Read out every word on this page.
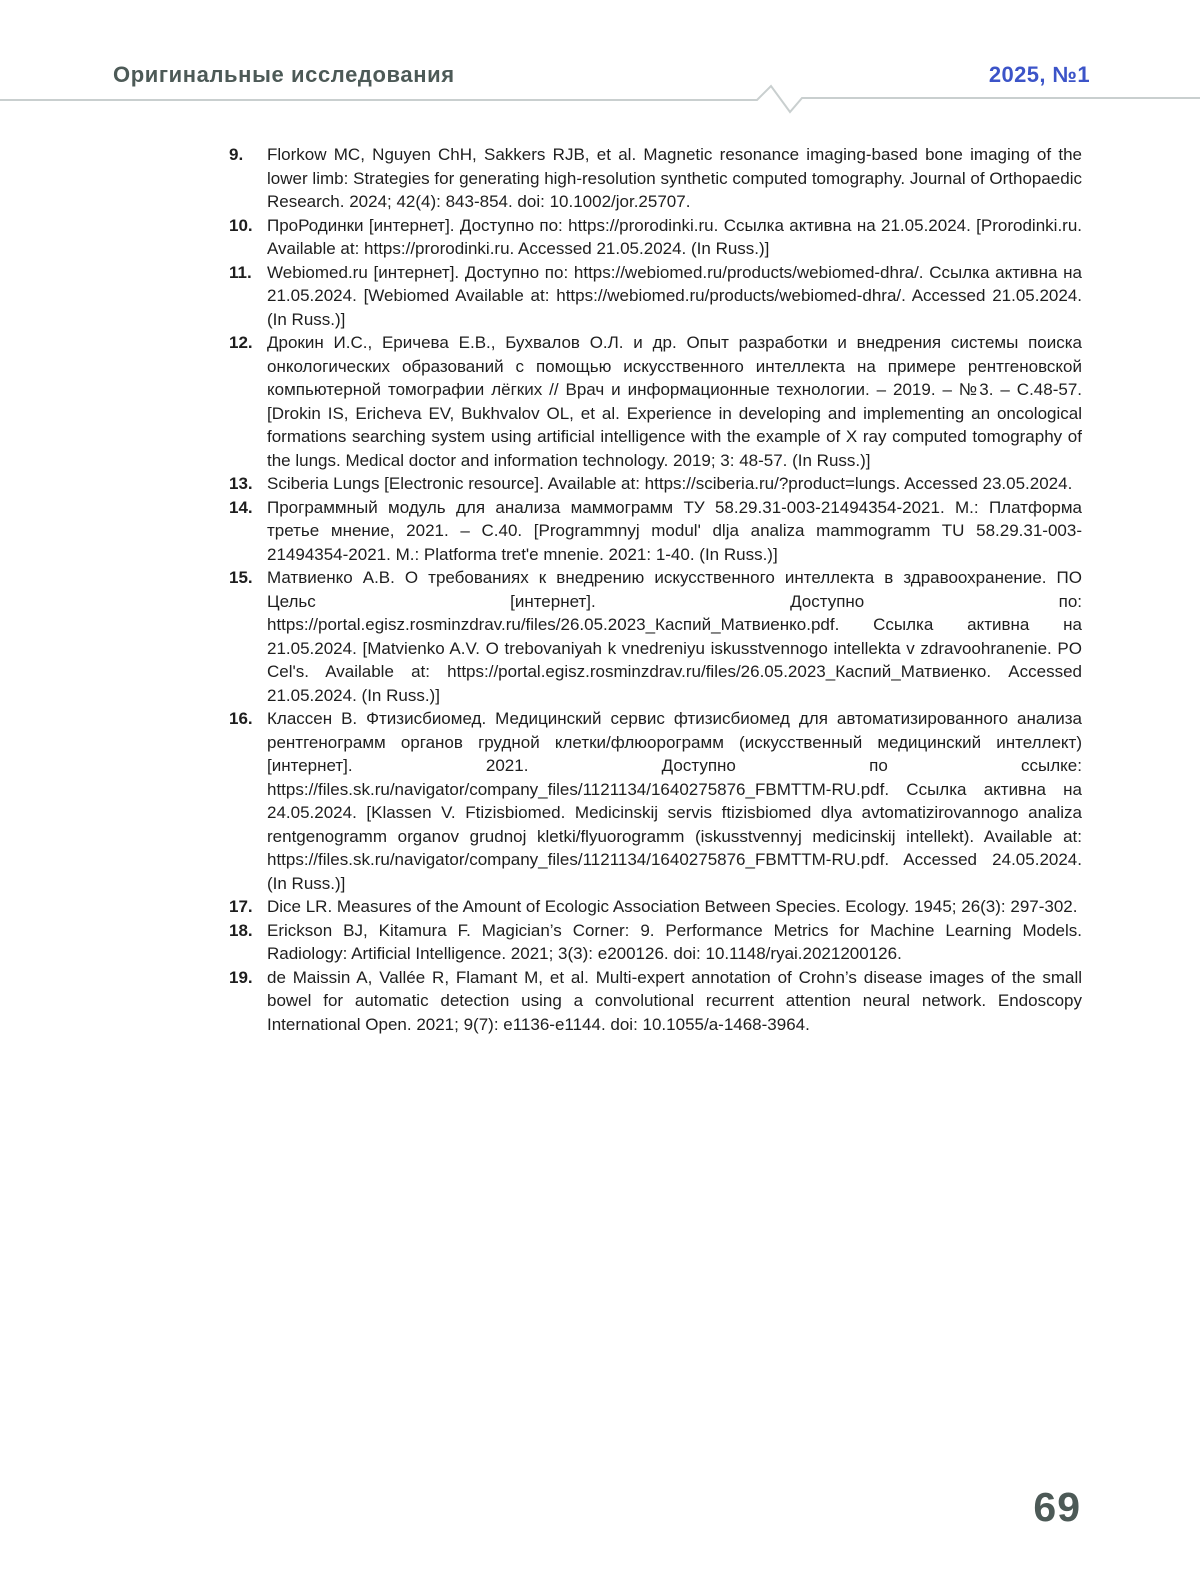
Оригинальные исследования	2025, №1
9.	Florkow MC, Nguyen ChH, Sakkers RJB, et al. Magnetic resonance imaging-based bone imaging of the lower limb: Strategies for generating high-resolution synthetic computed tomography. Journal of Orthopaedic Research. 2024; 42(4): 843-854. doi: 10.1002/jor.25707.

10. ПроРодинки [интернет]. Доступно по: https://prorodinki.ru. Ссылка активна на 21.05.2024. [Prorodinki.ru. Available at: https://prorodinki.ru. Accessed 21.05.2024. (In Russ.)]

11. Webiomed.ru [интернет]. Доступно по: https://webiomed.ru/products/webiomed-dhra/. Ссылка активна на 21.05.2024. [Webiomed Available at: https://webiomed.ru/products/webiomed-dhra/. Accessed 21.05.2024. (In Russ.)]

12. Дрокин И.С., Еричева Е.В., Бухвалов О.Л. и др. Опыт разработки и внедрения системы поиска онкологических образований с помощью искусственного интеллекта на примере рентгеновской компьютерной томографии лёгких // Врач и информационные технологии. – 2019. – №3. – С.48-57. [Drokin IS, Ericheva EV, Bukhvalov OL, et al. Experience in developing and implementing an oncological formations searching system using artificial intelligence with the example of X ray computed tomography of the lungs. Medical doctor and information technology. 2019; 3: 48-57. (In Russ.)]

13. Sciberia Lungs [Electronic resource]. Available at: https://sciberia.ru/?product=lungs. Accessed 23.05.2024.

14. Программный модуль для анализа маммограмм ТУ 58.29.31-003-21494354-2021. М.: Платформа третье мнение, 2021. – С.40. [Programmnyj modul' dlja analiza mammogramm TU 58.29.31-003-21494354-2021. M.: Platforma tret'e mnenie. 2021: 1-40. (In Russ.)]

15. Матвиенко А.В. О требованиях к внедрению искусственного интеллекта в здравоохранение. ПО Цельс [интернет]. Доступно по: https://portal.egisz.rosminzdrav.ru/files/26.05.2023_Каспий_Матвиенко.pdf. Ссылка активна на 21.05.2024. [Matvienko A.V. O trebovaniyah k vnedreniyu iskusstvennogo intellekta v zdravoohranenie. PO Cel's. Available at: https://portal.egisz.rosminzdrav.ru/files/26.05.2023_Каспий_Матвиенко. Accessed 21.05.2024. (In Russ.)]

16. Классен В. Фтизисбиомед. Медицинский сервис фтизисбиомед для автоматизированного анализа рентгенограмм органов грудной клетки/флюорограмм (искусственный медицинский интеллект) [интернет]. 2021. Доступно по ссылке: https://files.sk.ru/navigator/company_files/1121134/1640275876_FBMTTM-RU.pdf. Ссылка активна на 24.05.2024. [Klassen V. Ftizisbiomed. Medicinskij servis ftizisbiomed dlya avtomatizirovannogo analiza rentgenogramm organov grudnoj kletki/flyuorogramm (iskusstvennyj medicinskij intellekt). Available at: https://files.sk.ru/navigator/company_files/1121134/1640275876_FBMTTM-RU.pdf. Accessed 24.05.2024. (In Russ.)]

17. Dice LR. Measures of the Amount of Ecologic Association Between Species. Ecology. 1945; 26(3): 297-302.

18. Erickson BJ, Kitamura F. Magician’s Corner: 9. Performance Metrics for Machine Learning Models. Radiology: Artificial Intelligence. 2021; 3(3): e200126. doi: 10.1148/ryai.2021200126.

19. de Maissin A, Vallée R, Flamant M, et al. Multi-expert annotation of Crohn’s disease images of the small bowel for automatic detection using a convolutional recurrent attention neural network. Endoscopy International Open. 2021; 9(7): e1136-e1144. doi: 10.1055/a-1468-3964.

69
